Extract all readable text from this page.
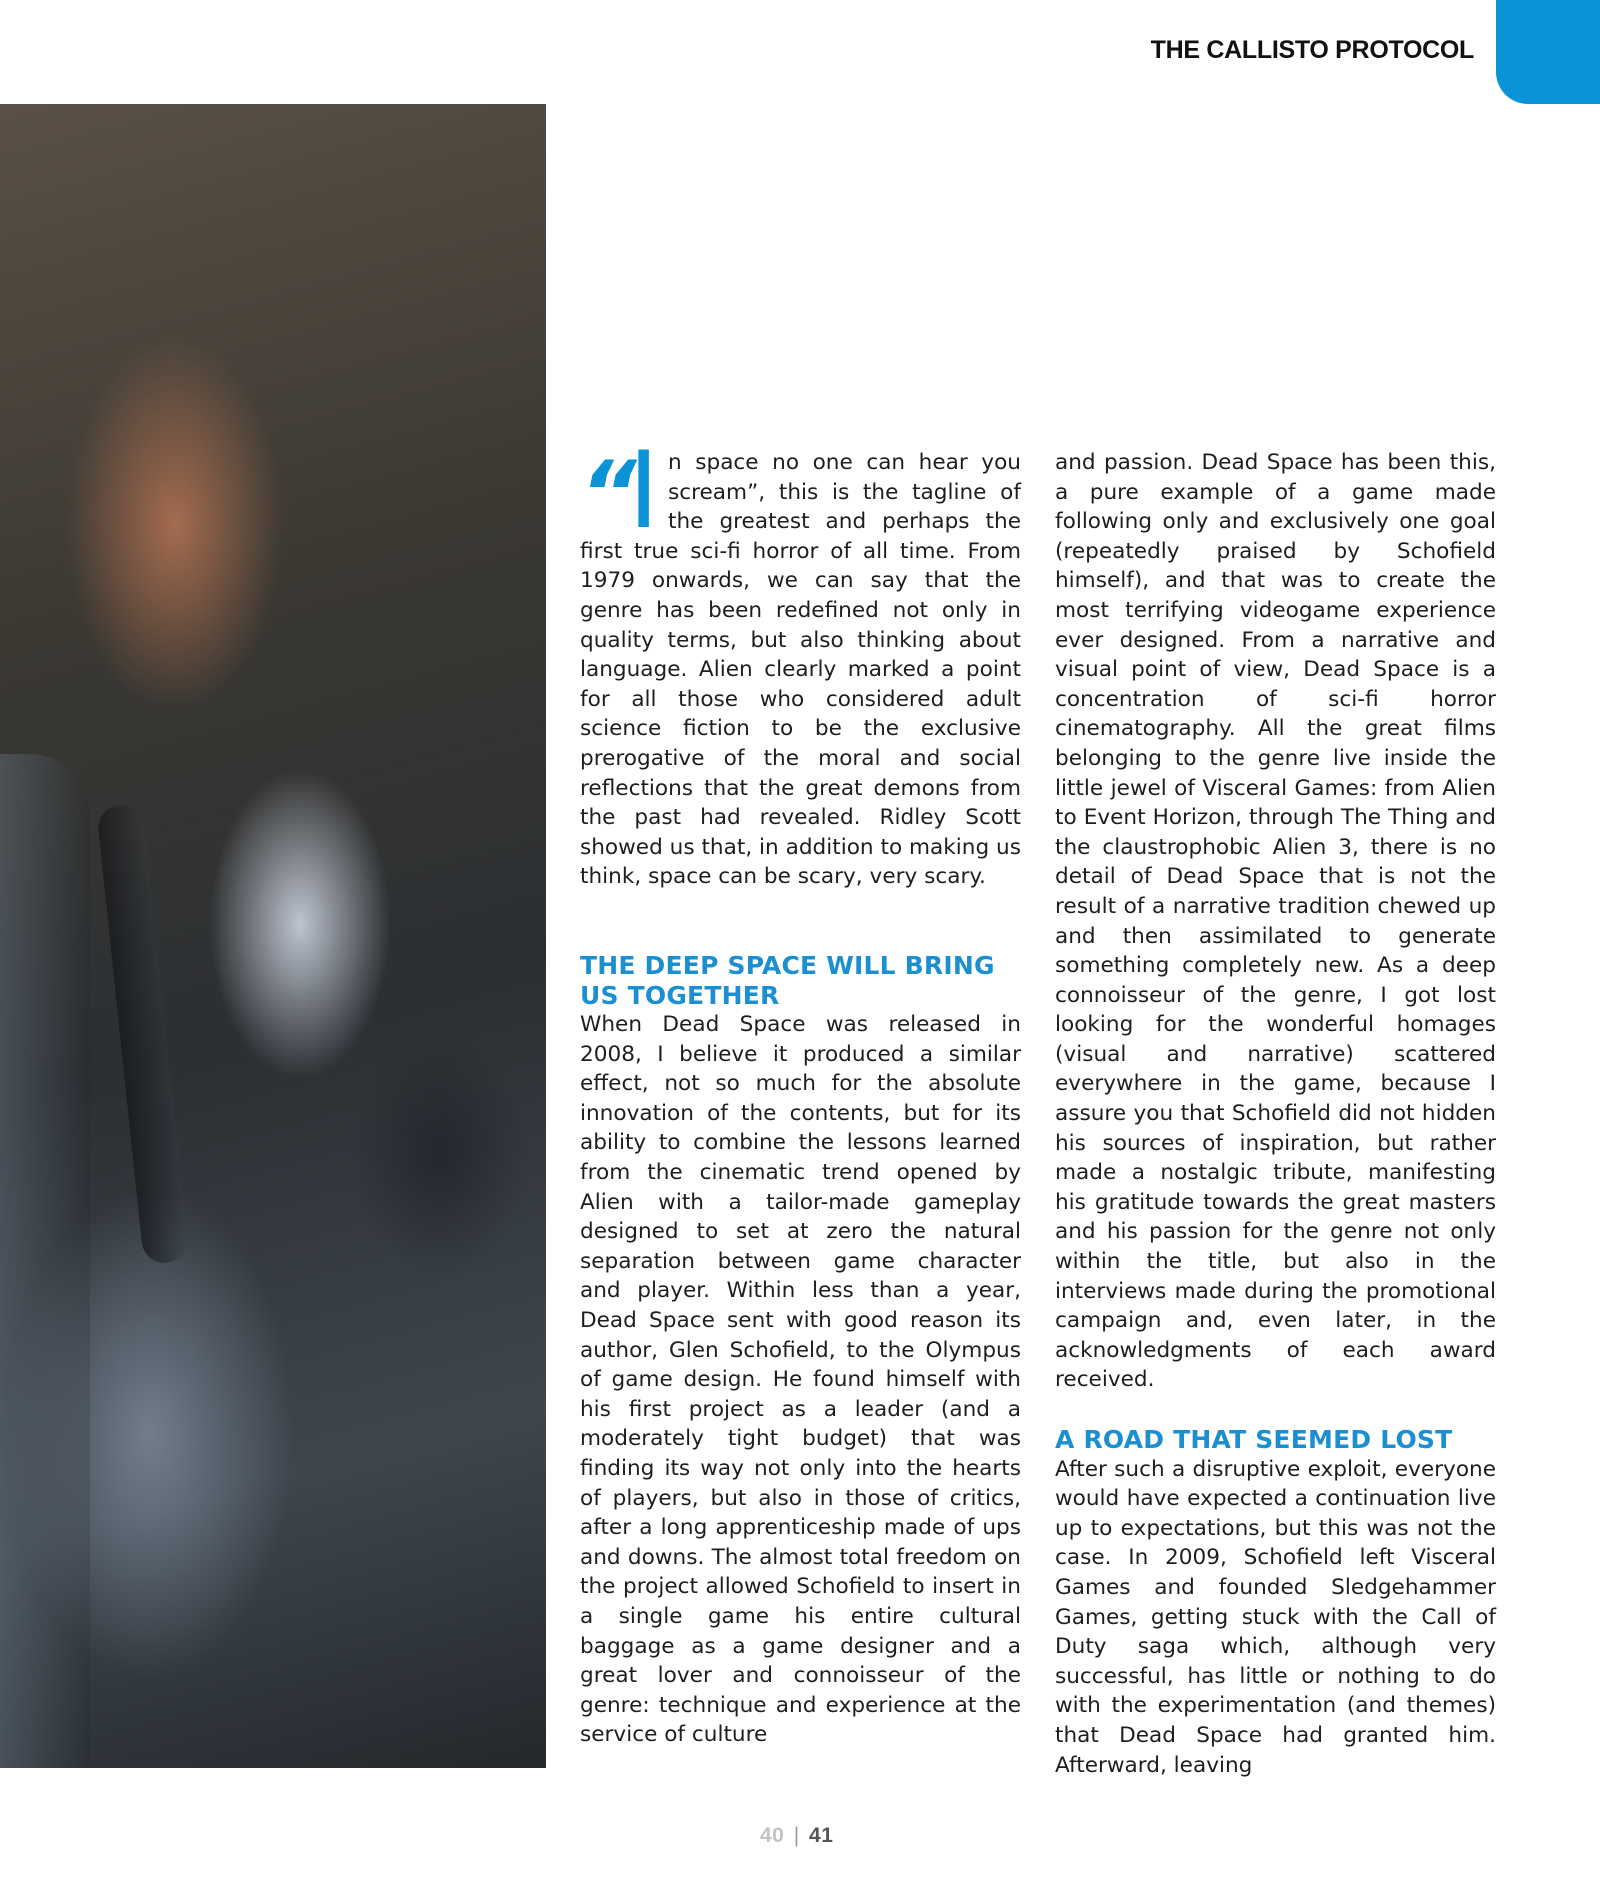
THE CALLISTO PROTOCOL

“
I n space no one can hear you scream”, this is the tagline of the greatest and perhaps the first true sci-fi horror of all time. From 1979 onwards, we can say that the genre has been redefined not only in quality terms, but also thinking about language. Alien clearly marked a point for all those who considered adult science fiction to be the exclusive prerogative of the moral and social reflections that the great demons from the past had revealed. Ridley Scott showed us that, in addition to making us think, space can be scary, very scary.

THE DEEP SPACE WILL BRING US TOGETHER

When Dead Space was released in 2008, I believe it produced a similar effect, not so much for the absolute innovation of the contents, but for its ability to combine the lessons learned from the cinematic trend opened by Alien with a tailor-made gameplay designed to set at zero the natural separation between game character and player. Within less than a year, Dead Space sent with good reason its author, Glen Schofield, to the Olympus of game design. He found himself with his first project as a leader (and a moderately tight budget) that was finding its way not only into the hearts of players, but also in those of critics, after a long apprenticeship made of ups and downs. The almost total freedom on the project allowed Schofield to insert in a single game his entire cultural baggage as a game designer and a great lover and connoisseur of the genre: technique and experience at the service of culture

and passion. Dead Space has been this, a pure example of a game made following only and exclusively one goal (repeatedly praised by Schofield himself), and that was to create the most terrifying videogame experience ever designed. From a narrative and visual point of view, Dead Space is a concentration of sci-fi horror cinematography. All the great films belonging to the genre live inside the little jewel of Visceral Games: from Alien to Event Horizon, through The Thing and the claustrophobic Alien 3, there is no detail of Dead Space that is not the result of a narrative tradition chewed up and then assimilated to generate something completely new. As a deep connoisseur of the genre, I got lost looking for the wonderful homages (visual and narrative) scattered everywhere in the game, because I assure you that Schofield did not hidden his sources of inspiration, but rather made a nostalgic tribute, manifesting his gratitude towards the great masters and his passion for the genre not only within the title, but also in the interviews made during the promotional campaign and, even later, in the acknowledgments of each award received.

A ROAD THAT SEEMED LOST

After such a disruptive exploit, everyone would have expected a continuation live up to expectations, but this was not the case. In 2009, Schofield left Visceral Games and founded Sledgehammer Games, getting stuck with the Call of Duty saga which, although very successful, has little or nothing to do with the experimentation (and themes) that Dead Space had granted him. Afterward, leaving

40 | 41
